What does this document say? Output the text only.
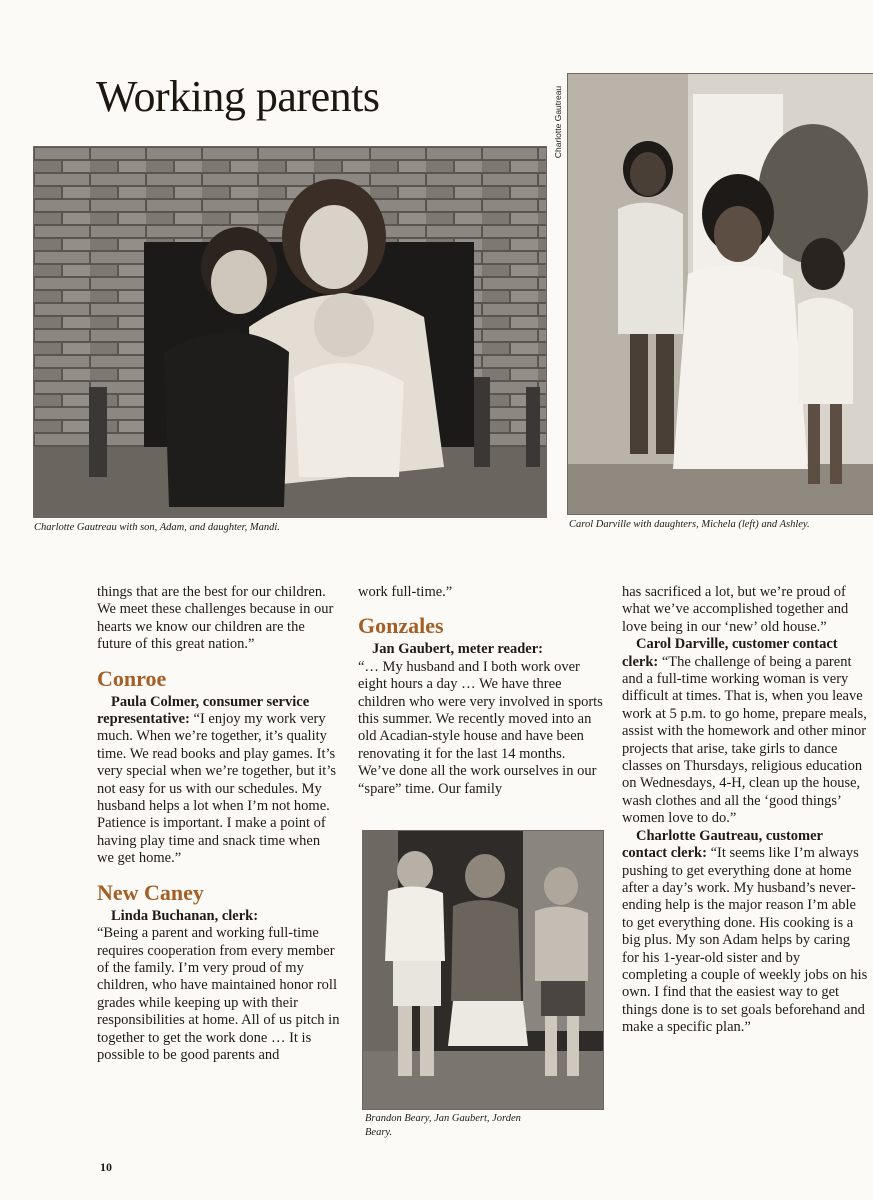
Working parents
Charlotte Gautreau with son, Adam, and daughter, Mandi.
Charlotte Gautreau
Carol Darville with daughters, Michela (left) and Ashley.
Brandon Beary, Jan Gaubert, Jorden Beary.

things that are the best for our children. We meet these challenges because in our hearts we know our children are the future of this great nation.”

Conroe

Paula Colmer, consumer service representative: “I enjoy my work very much. When we’re together, it’s quality time. We read books and play games. It’s very special when we’re together, but it’s not easy for us with our schedules. My husband helps a lot when I’m not home. Patience is important. I make a point of having play time and snack time when we get home.”

New Caney

Linda Buchanan, clerk:

“Being a parent and working full-time requires cooperation from every member of the family. I’m very proud of my children, who have maintained honor roll grades while keeping up with their responsibilities at home. All of us pitch in together to get the work done … It is possible to be good parents and

work full-time.”

Gonzales

Jan Gaubert, meter reader:

“… My husband and I both work over eight hours a day … We have three children who were very involved in sports this summer. We recently moved into an old Acadian-style house and have been renovating it for the last 14 months. We’ve done all the work ourselves in our “spare” time. Our family

has sacrificed a lot, but we’re proud of what we’ve accomplished together and love being in our ‘new’ old house.”

Carol Darville, customer contact clerk: “The challenge of being a parent and a full-time working woman is very difficult at times. That is, when you leave work at 5 p.m. to go home, prepare meals, assist with the homework and other minor projects that arise, take girls to dance classes on Thursdays, religious education on Wednesdays, 4-H, clean up the house, wash clothes and all the ‘good things’ women love to do.”

Charlotte Gautreau, customer contact clerk: “It seems like I’m always pushing to get everything done at home after a day’s work. My husband’s never-ending help is the major reason I’m able to get everything done. His cooking is a big plus. My son Adam helps by caring for his 1-year-old sister and by completing a couple of weekly jobs on his own. I find that the easiest way to get things done is to set goals beforehand and make a specific plan.”

10
